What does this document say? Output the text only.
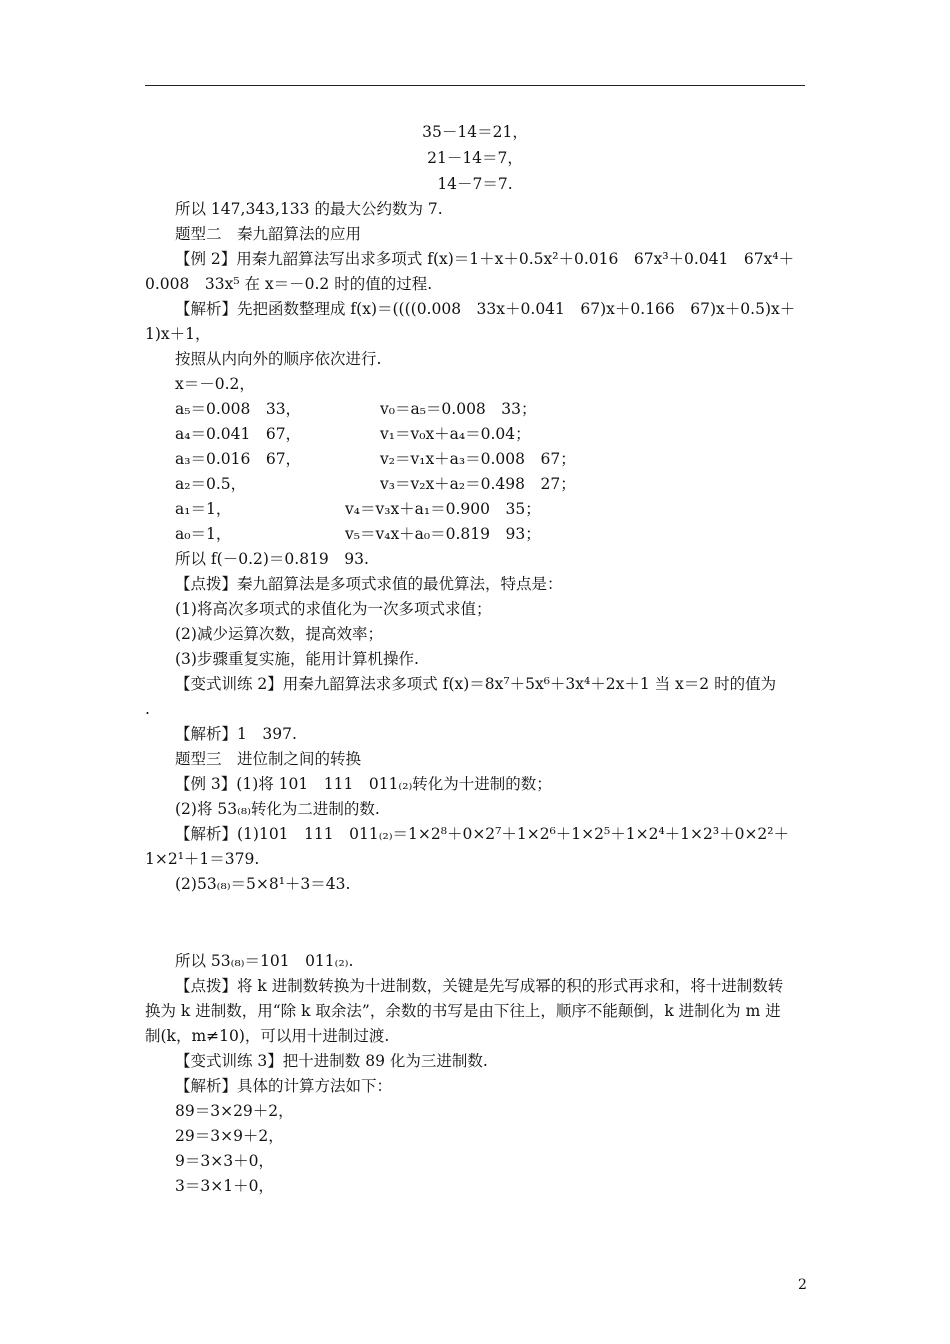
35－14＝21，
21－14＝7，
14－7＝7.
所以 147,343,133 的最大公约数为 7.
题型二　秦九韶算法的应用
【例 2】用秦九韶算法写出求多项式 f(x)＝1＋x＋0.5x²＋0.016　67x³＋0.041　67x⁴＋
0.008　33x⁵ 在 x＝－0.2 时的值的过程.
【解析】先把函数整理成 f(x)＝((((0.008　33x＋0.041　67)x＋0.166　67)x＋0.5)x＋
1)x＋1，
按照从内向外的顺序依次进行.
x＝－0.2，
a₅＝0.008　33，	v₀＝a₅＝0.008　33；
a₄＝0.041　67，	v₁＝v₀x＋a₄＝0.04；
a₃＝0.016　67，	v₂＝v₁x＋a₃＝0.008　67；
a₂＝0.5，	v₃＝v₂x＋a₂＝0.498　27；
a₁＝1，	v₄＝v₃x＋a₁＝0.900　35；
a₀＝1，	v₅＝v₄x＋a₀＝0.819　93；
所以 f(－0.2)＝0.819　93.
【点拨】秦九韶算法是多项式求值的最优算法，特点是：
(1)将高次多项式的求值化为一次多项式求值；
(2)减少运算次数，提高效率；
(3)步骤重复实施，能用计算机操作.
【变式训练 2】用秦九韶算法求多项式 f(x)＝8x⁷＋5x⁶＋3x⁴＋2x＋1 当 x＝2 时的值为
.
【解析】1　397.
题型三　进位制之间的转换
【例 3】(1)将 101　111　011₍₂₎转化为十进制的数；
(2)将 53₍₈₎转化为二进制的数.
【解析】(1)101　111　011₍₂₎＝1×2⁸＋0×2⁷＋1×2⁶＋1×2⁵＋1×2⁴＋1×2³＋0×2²＋
1×2¹＋1＝379.
(2)53₍₈₎＝5×8¹＋3＝43.
所以 53₍₈₎＝101　011₍₂₎.
【点拨】将 k 进制数转换为十进制数，关键是先写成幂的积的形式再求和，将十进制数转
换为 k 进制数，用“除 k 取余法”，余数的书写是由下往上，顺序不能颠倒，k 进制化为 m 进
制(k，m≠10)，可以用十进制过渡.
【变式训练 3】把十进制数 89 化为三进制数.
【解析】具体的计算方法如下：
89＝3×29＋2，
29＝3×9＋2，
9＝3×3＋0，
3＝3×1＋0，
2
